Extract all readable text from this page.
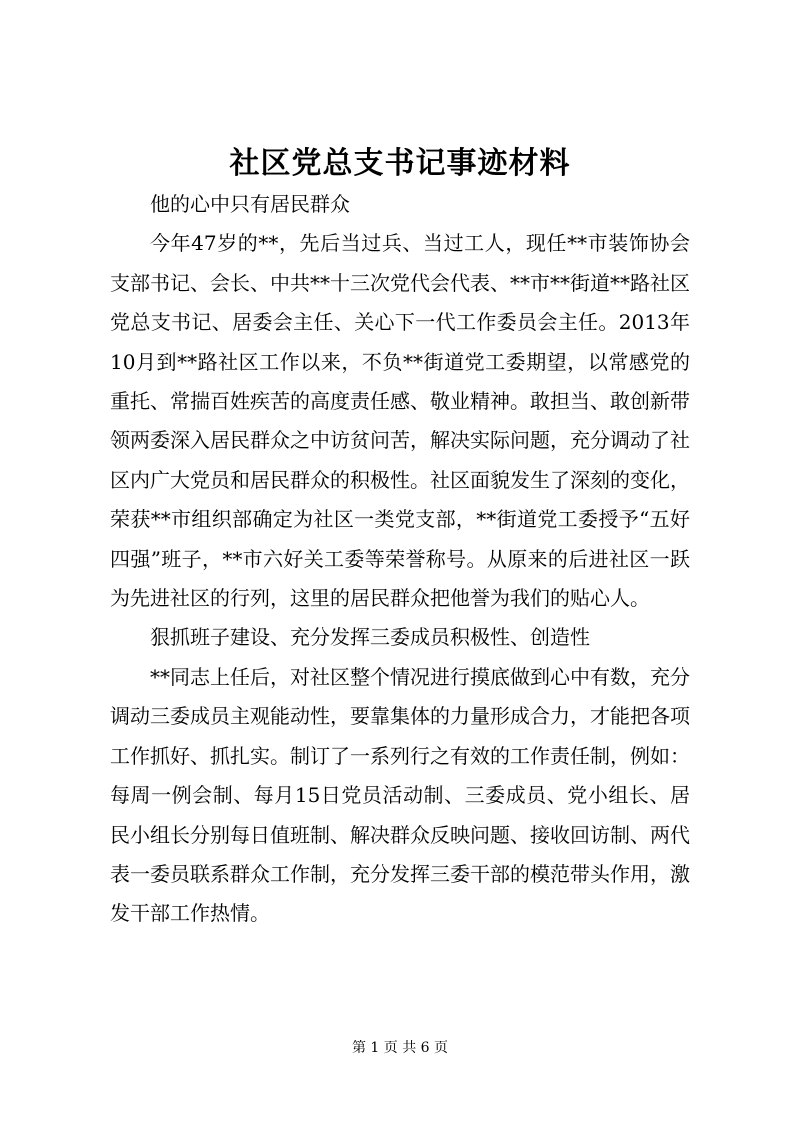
社区党总支书记事迹材料

他的心中只有居民群众

今年47岁的**，先后当过兵、当过工人，现任**市装饰协会支部书记、会长、中共**十三次党代会代表、**市**街道**路社区党总支书记、居委会主任、关心下一代工作委员会主任。2013年10月到**路社区工作以来，不负**街道党工委期望，以常感党的重托、常揣百姓疾苦的高度责任感、敬业精神。敢担当、敢创新带领两委深入居民群众之中访贫问苦，解决实际问题，充分调动了社区内广大党员和居民群众的积极性。社区面貌发生了深刻的变化，荣获**市组织部确定为社区一类党支部，**街道党工委授予“五好四强”班子，**市六好关工委等荣誉称号。从原来的后进社区一跃为先进社区的行列，这里的居民群众把他誉为我们的贴心人。

狠抓班子建设、充分发挥三委成员积极性、创造性

**同志上任后，对社区整个情况进行摸底做到心中有数，充分调动三委成员主观能动性，要靠集体的力量形成合力，才能把各项工作抓好、抓扎实。制订了一系列行之有效的工作责任制，例如：每周一例会制、每月15日党员活动制、三委成员、党小组长、居民小组长分别每日值班制、解决群众反映问题、接收回访制、两代表一委员联系群众工作制，充分发挥三委干部的模范带头作用，激发干部工作热情。

第 1 页 共 6 页
